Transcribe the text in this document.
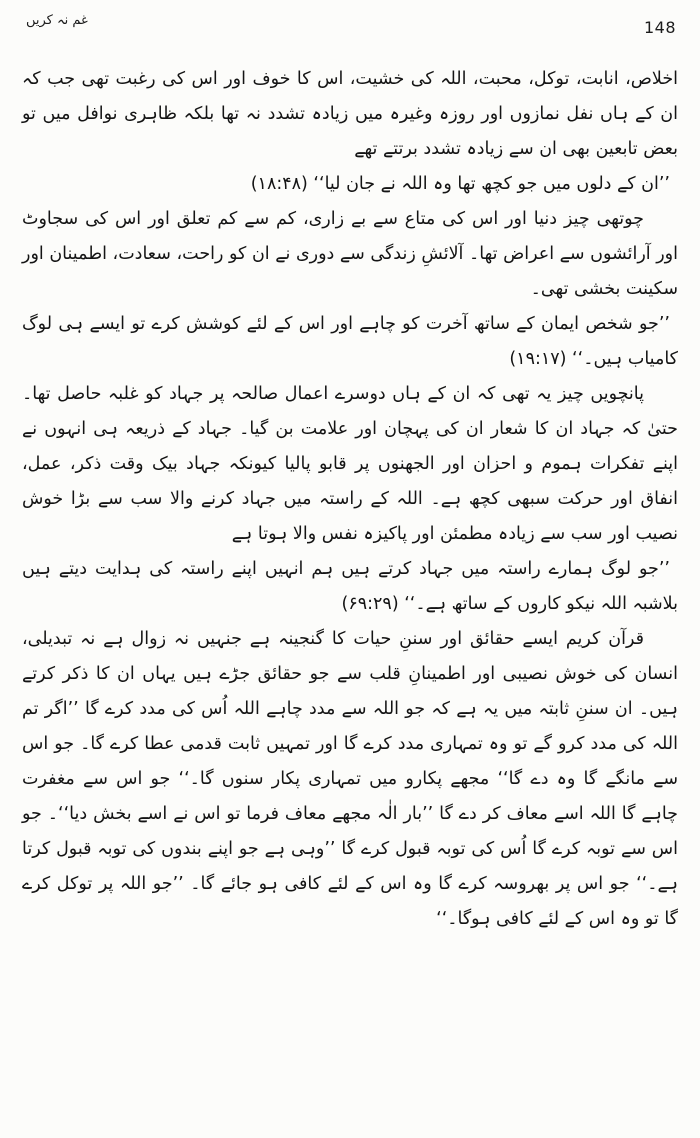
غم نہ کریں	148

اخلاص، انابت، توکل، محبت، اللہ کی خشیت، اس کا خوف اور اس کی رغبت تھی جب کہ ان کے ہاں نفل نمازوں اور روزہ وغیرہ میں زیادہ تشدد نہ تھا بلکہ ظاہری نوافل میں تو بعض تابعین بھی ان سے زیادہ تشدد برتتے تھے

’’ان کے دلوں میں جو کچھ تھا وہ اللہ نے جان لیا‘‘ (۱۸:۴۸)

چوتھی چیز دنیا اور اس کی متاع سے بے زاری، کم سے کم تعلق اور اس کی سجاوٹ اور آرائشوں سے اعراض تھا۔ آلائشِ زندگی سے دوری نے ان کو راحت، سعادت، اطمینان اور سکینت بخشی تھی۔

’’جو شخص ایمان کے ساتھ آخرت کو چاہے اور اس کے لئے کوشش کرے تو ایسے ہی لوگ کامیاب ہیں۔‘‘ (۱۹:۱۷)

پانچویں چیز یہ تھی کہ ان کے ہاں دوسرے اعمال صالحہ پر جہاد کو غلبہ حاصل تھا۔ حتیٰ کہ جہاد ان کا شعار ان کی پہچان اور علامت بن گیا۔ جہاد کے ذریعہ ہی انہوں نے اپنے تفکرات ہموم و احزان اور الجھنوں پر قابو پالیا کیونکہ جہاد بیک وقت ذکر، عمل، انفاق اور حرکت سبھی کچھ ہے۔ اللہ کے راستہ میں جہاد کرنے والا سب سے بڑا خوش نصیب اور سب سے زیادہ مطمئن اور پاکیزہ نفس والا ہوتا ہے

’’جو لوگ ہمارے راستہ میں جہاد کرتے ہیں ہم انہیں اپنے راستہ کی ہدایت دیتے ہیں بلاشبہ اللہ نیکو کاروں کے ساتھ ہے۔‘‘ (۶۹:۲۹)

قرآن کریم ایسے حقائق اور سننِ حیات کا گنجینہ ہے جنہیں نہ زوال ہے نہ تبدیلی، انسان کی خوش نصیبی اور اطمینانِ قلب سے جو حقائق جڑے ہیں یہاں ان کا ذکر کرتے ہیں۔ ان سننِ ثابتہ میں یہ ہے کہ جو اللہ سے مدد چاہے اللہ اُس کی مدد کرے گا ’’اگر تم اللہ کی مدد کرو گے تو وہ تمہاری مدد کرے گا اور تمہیں ثابت قدمی عطا کرے گا۔ جو اس سے مانگے گا وہ دے گا‘‘ مجھے پکارو میں تمہاری پکار سنوں گا۔‘‘ جو اس سے مغفرت چاہے گا اللہ اسے معاف کر دے گا ’’بار الٰہ مجھے معاف فرما تو اس نے اسے بخش دیا‘‘۔ جو اس سے توبہ کرے گا اُس کی توبہ قبول کرے گا ’’وہی ہے جو اپنے بندوں کی توبہ قبول کرتا ہے۔‘‘ جو اس پر بھروسہ کرے گا وہ اس کے لئے کافی ہو جائے گا۔ ’’جو اللہ پر توکل کرے گا تو وہ اس کے لئے کافی ہوگا۔‘‘
